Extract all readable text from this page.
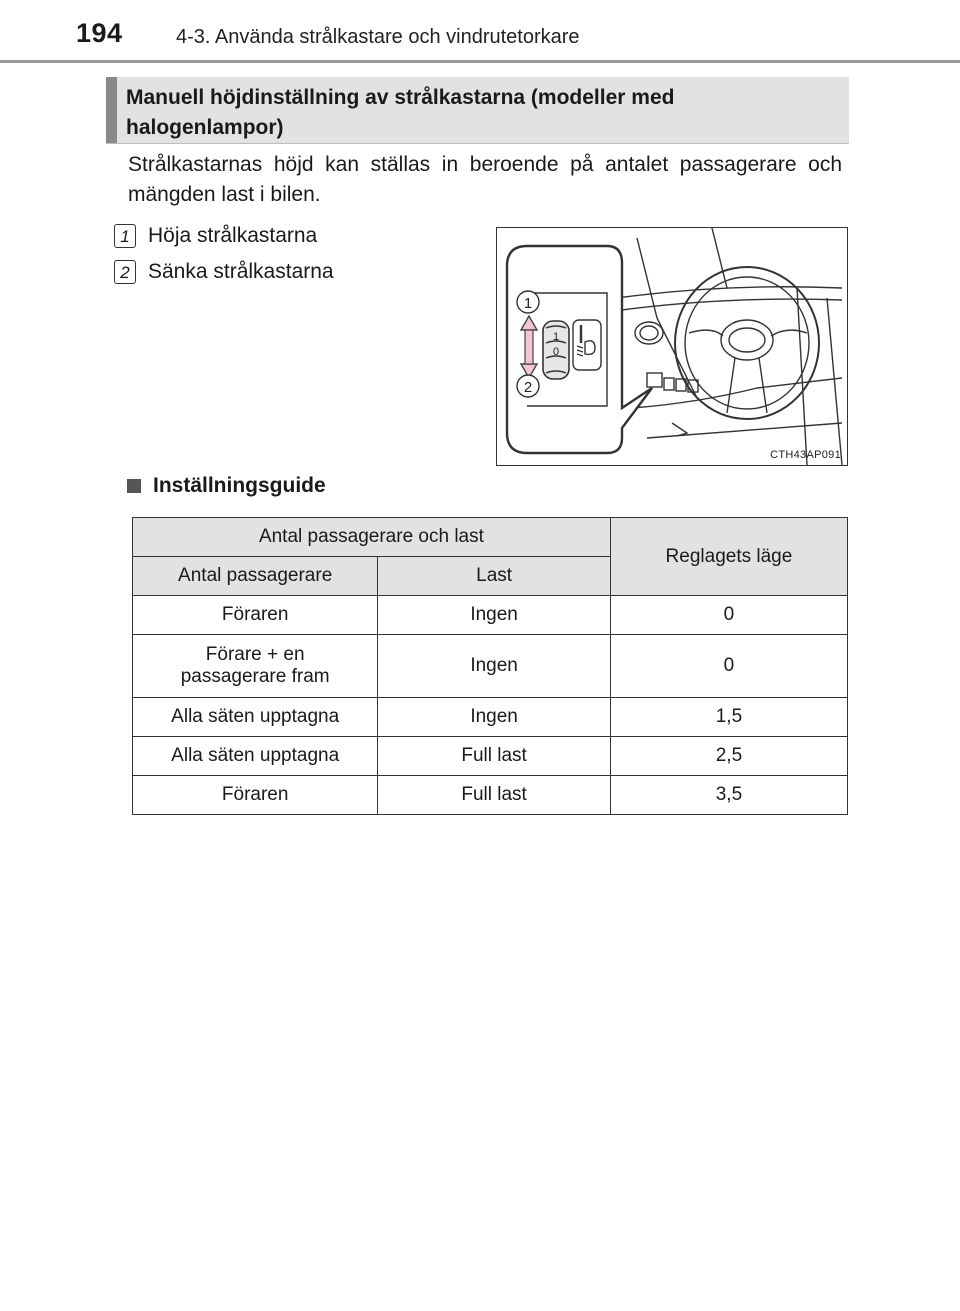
194	4-3. Använda strålkastare och vindrutetorkare
Manuell höjdinställning av strålkastarna (modeller med halogenlampor)
Strålkastarnas höjd kan ställas in beroende på antalet passagerare och mängden last i bilen.
1 Höja strålkastarna
2 Sänka strålkastarna
1
2
1
0
CTH43AP091
Inställningsguide
Antal passagerare och last		Reglagets läge
Antal passagerare	Last	
Föraren	Ingen	0

Förare + en passagerare fram	Ingen	0
Alla säten upptagna	Ingen	1,5
Alla säten upptagna	Full last	2,5
Föraren	Full last	3,5
